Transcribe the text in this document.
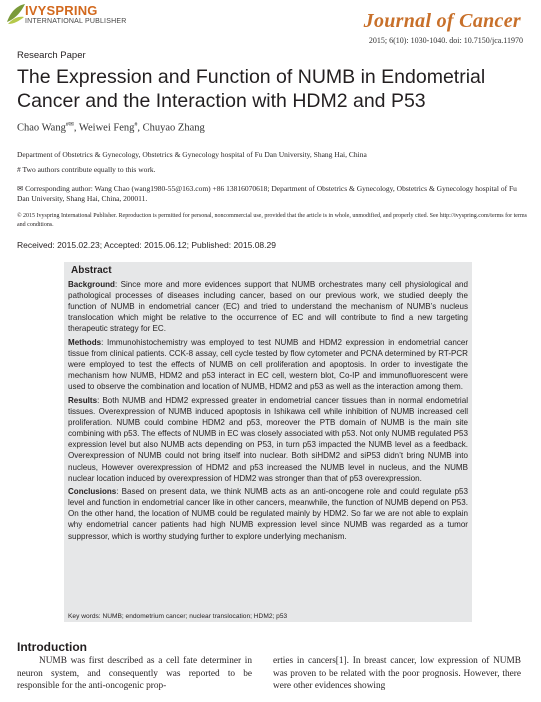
IVYSPRING
INTERNATIONAL PUBLISHER	Journal of Cancer
2015; 6(10): 1030-1040. doi: 10.7150/jca.11970
Research Paper
The Expression and Function of NUMB in Endometrial Cancer and the Interaction with HDM2 and P53
Chao Wang#✉, Weiwei Feng#, Chuyao Zhang
Department of Obstetrics & Gynecology, Obstetrics & Gynecology hospital of Fu Dan University, Shang Hai, China
# Two authors contribute equally to this work.
✉ Corresponding author: Wang Chao (wang1980-55@163.com) +86 13816070618; Department of Obstetrics & Gynecology, Obstetrics & Gynecology hospital of Fu Dan University, Shang Hai, China, 200011.
© 2015 Ivyspring International Publisher. Reproduction is permitted for personal, noncommercial use, provided that the article is in whole, unmodified, and properly cited. See http://ivyspring.com/terms for terms and conditions.
Received: 2015.02.23; Accepted: 2015.06.12; Published: 2015.08.29
Abstract

Background: Since more and more evidences support that NUMB orchestrates many cell physiological and pathological processes of diseases including cancer, based on our previous work, we studied deeply the function of NUMB in endometrial cancer (EC) and tried to understand the mechanism of NUMB’s nucleus translocation which might be relative to the occurrence of EC and will contribute to find a new targeting therapeutic strategy for EC.

Methods: Immunohistochemistry was employed to test NUMB and HDM2 expression in endometrial cancer tissue from clinical patients. CCK-8 assay, cell cycle tested by flow cytometer and PCNA determined by RT-PCR were employed to test the effects of NUMB on cell proliferation and apoptosis. In order to investigate the mechanism how NUMB, HDM2 and p53 interact in EC cell, western blot, Co-IP and immunofluorescent were used to observe the combination and location of NUMB, HDM2 and p53 as well as the interaction among them.

Results: Both NUMB and HDM2 expressed greater in endometrial cancer tissues than in normal endometrial tissues. Overexpression of NUMB induced apoptosis in Ishikawa cell while inhibition of NUMB increased cell proliferation. NUMB could combine HDM2 and p53, moreover the PTB domain of NUMB is the main site combining with p53. The effects of NUMB in EC was closely associated with p53. Not only NUMB regulated P53 expression level but also NUMB acts depending on P53, in turn p53 impacted the NUMB level as a feedback. Overexpression of NUMB could not bring itself into nuclear. Both siHDM2 and siP53 didn’t bring NUMB into nucleus, However overexpression of HDM2 and p53 increased the NUMB level in nucleus, and the NUMB nuclear location induced by overexpression of HDM2 was stronger than that of p53 overexpression.

Conclusions: Based on present data, we think NUMB acts as an anti-oncogene role and could regulate p53 level and function in endometrial cancer like in other cancers, meanwhile, the function of NUMB depend on P53. On the other hand, the location of NUMB could be regulated mainly by HDM2. So far we are not able to explain why endometrial cancer patients had high NUMB expression level since NUMB was regarded as a tumor suppressor, which is worthy studying further to explore underlying mechanism.

Key words: NUMB; endometrium cancer; nuclear translocation; HDM2; p53
Introduction
NUMB was first described as a cell fate determiner in neuron system, and consequently was reported to be responsible for the anti-oncogenic prop-
erties in cancers[1]. In breast cancer, low expression of NUMB was proven to be related with the poor prognosis. However, there were other evidences showing
